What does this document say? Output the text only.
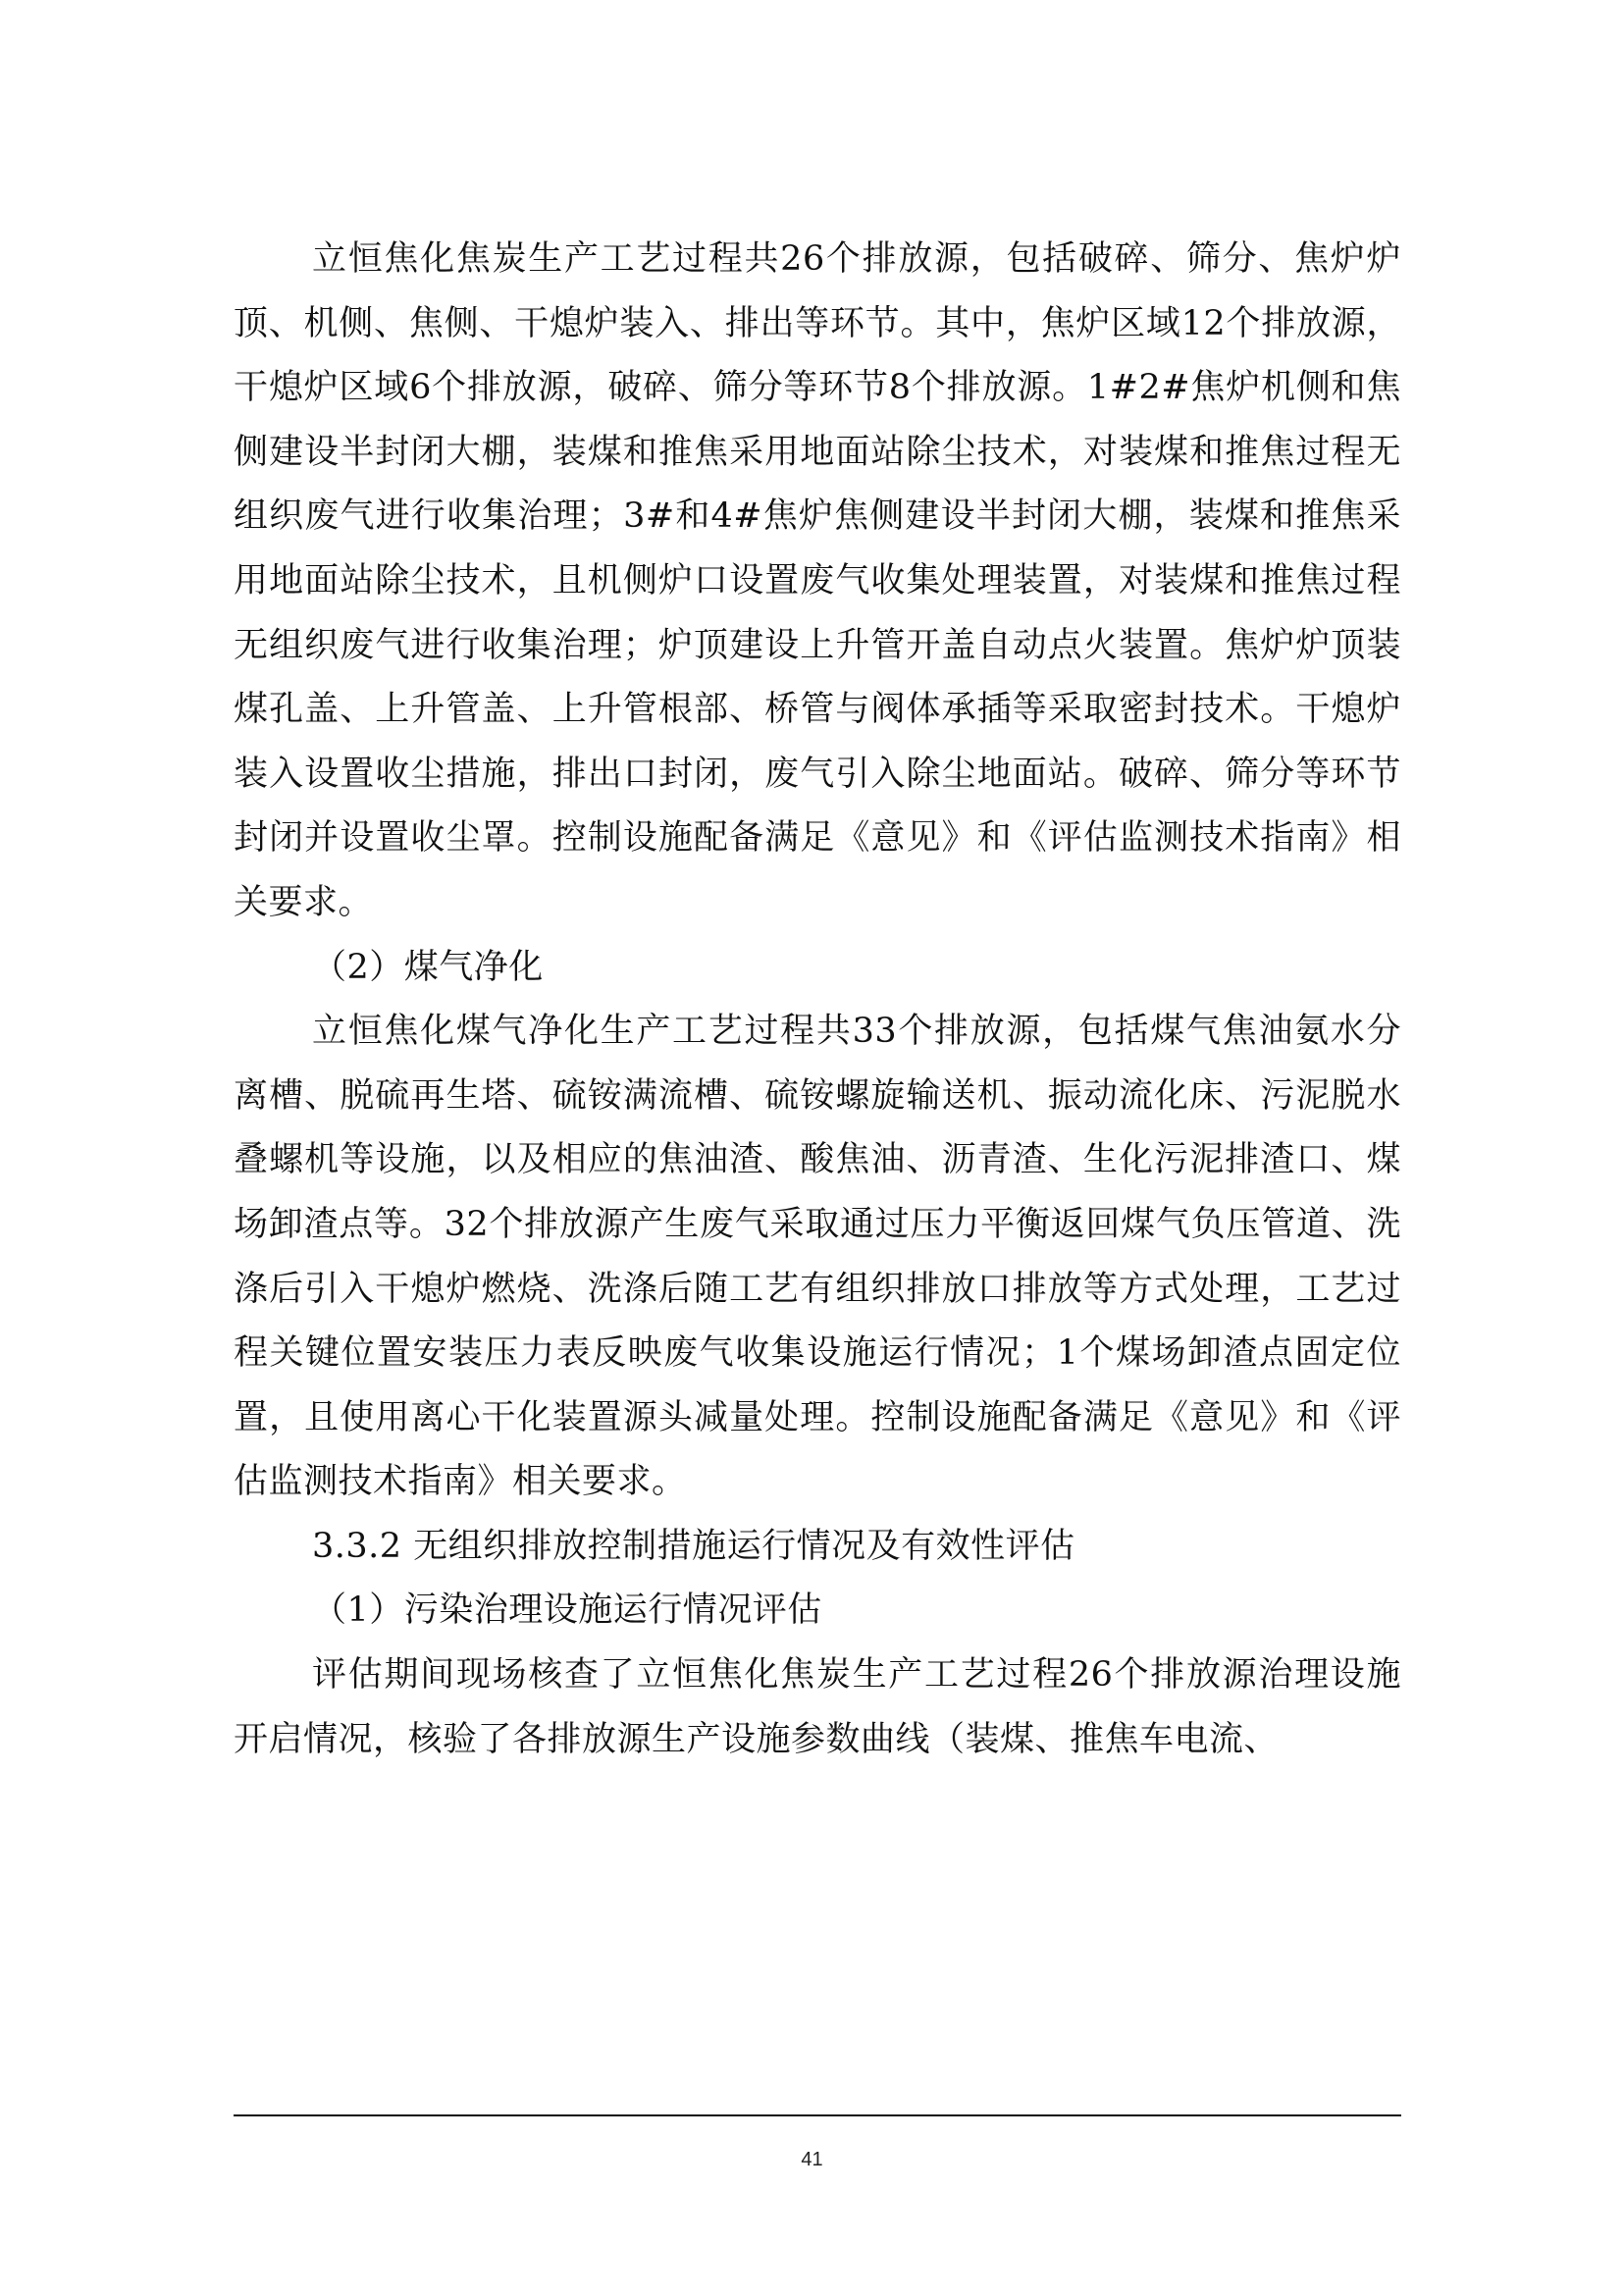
立恒焦化焦炭生产工艺过程共26个排放源，包括破碎、筛分、焦炉炉顶、机侧、焦侧、干熄炉装入、排出等环节。其中，焦炉区域12个排放源，干熄炉区域6个排放源，破碎、筛分等环节8个排放源。1#2#焦炉机侧和焦侧建设半封闭大棚，装煤和推焦采用地面站除尘技术，对装煤和推焦过程无组织废气进行收集治理；3#和4#焦炉焦侧建设半封闭大棚，装煤和推焦采用地面站除尘技术，且机侧炉口设置废气收集处理装置，对装煤和推焦过程无组织废气进行收集治理；炉顶建设上升管开盖自动点火装置。焦炉炉顶装煤孔盖、上升管盖、上升管根部、桥管与阀体承插等采取密封技术。干熄炉装入设置收尘措施，排出口封闭，废气引入除尘地面站。破碎、筛分等环节封闭并设置收尘罩。控制设施配备满足《意见》和《评估监测技术指南》相关要求。

（2）煤气净化

立恒焦化煤气净化生产工艺过程共33个排放源，包括煤气焦油氨水分离槽、脱硫再生塔、硫铵满流槽、硫铵螺旋输送机、振动流化床、污泥脱水叠螺机等设施，以及相应的焦油渣、酸焦油、沥青渣、生化污泥排渣口、煤场卸渣点等。32个排放源产生废气采取通过压力平衡返回煤气负压管道、洗涤后引入干熄炉燃烧、洗涤后随工艺有组织排放口排放等方式处理，工艺过程关键位置安装压力表反映废气收集设施运行情况；1个煤场卸渣点固定位置，且使用离心干化装置源头减量处理。控制设施配备满足《意见》和《评估监测技术指南》相关要求。

3.3.2 无组织排放控制措施运行情况及有效性评估

（1）污染治理设施运行情况评估

评估期间现场核查了立恒焦化焦炭生产工艺过程26个排放源治理设施开启情况，核验了各排放源生产设施参数曲线（装煤、推焦车电流、

41
